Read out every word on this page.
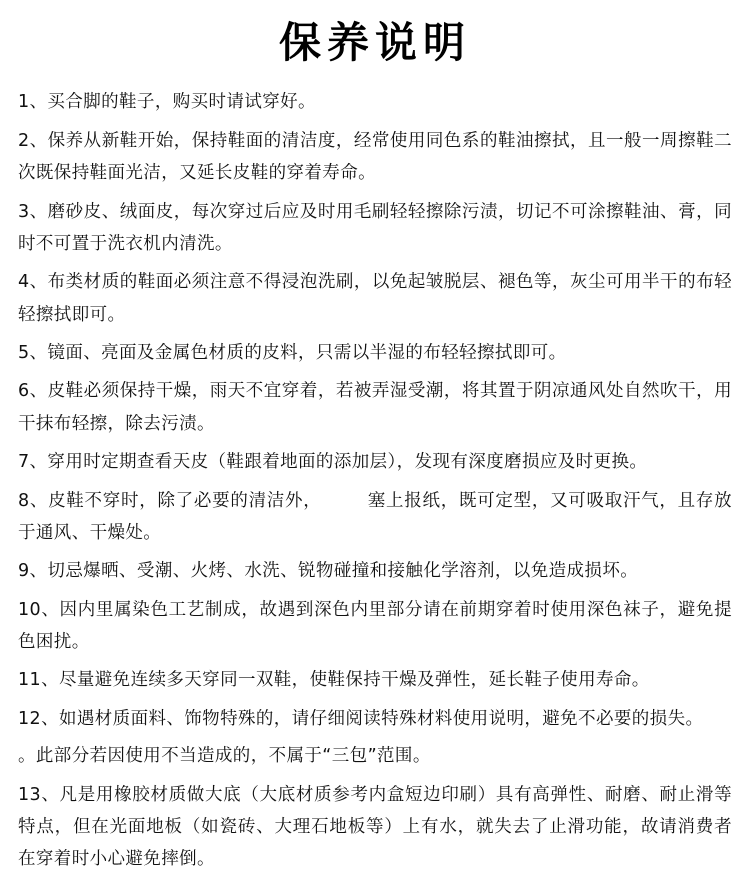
保养说明

1、买合脚的鞋子，购买时请试穿好。

2、保养从新鞋开始，保持鞋面的清洁度，经常使用同色系的鞋油擦拭，且一般一周擦鞋二次既保持鞋面光洁，又延长皮鞋的穿着寿命。

3、磨砂皮、绒面皮，每次穿过后应及时用毛刷轻轻擦除污渍，切记不可涂擦鞋油、膏，同时不可置于洗衣机内清洗。

4、布类材质的鞋面必须注意不得浸泡洗刷，以免起皱脱层、褪色等，灰尘可用半干的布轻轻擦拭即可。

5、镜面、亮面及金属色材质的皮料，只需以半湿的布轻轻擦拭即可。

6、皮鞋必须保持干燥，雨天不宜穿着，若被弄湿受潮，将其置于阴凉通风处自然吹干，用干抹布轻擦，除去污渍。

7、穿用时定期查看天皮（鞋跟着地面的添加层），发现有深度磨损应及时更换。

8、皮鞋不穿时，除了必要的清洁外，	塞上报纸，既可定型，又可吸取汗气，且存放于通风、干燥处。

9、切忌爆晒、受潮、火烤、水洗、锐物碰撞和接触化学溶剂，以免造成损坏。

10、因内里属染色工艺制成，故遇到深色内里部分请在前期穿着时使用深色袜子，避免提色困扰。

11、尽量避免连续多天穿同一双鞋，使鞋保持干燥及弹性，延长鞋子使用寿命。

12、如遇材质面料、饰物特殊的，请仔细阅读特殊材料使用说明，避免不必要的损失。

。此部分若因使用不当造成的，不属于“三包”范围。

13、凡是用橡胶材质做大底（大底材质参考内盒短边印刷）具有高弹性、耐磨、耐止滑等特点，但在光面地板（如瓷砖、大理石地板等）上有水，就失去了止滑功能，故请消费者在穿着时小心避免摔倒。
